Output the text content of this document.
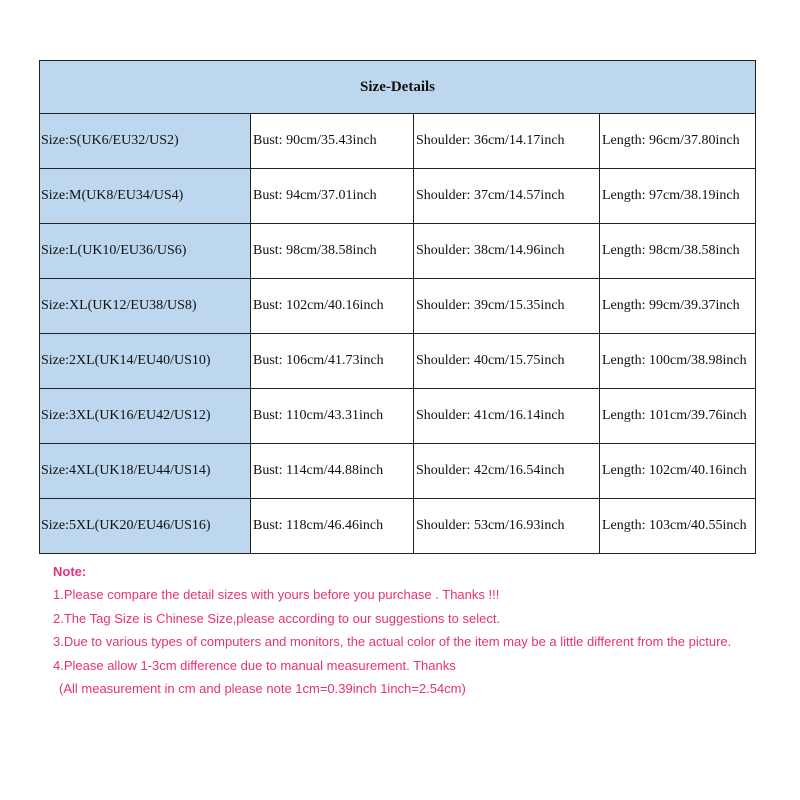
Size-Details			
Size:S(UK6/EU32/US2)	Bust: 90cm/35.43inch	Shoulder: 36cm/14.17inch	Length: 96cm/37.80inch
Size:M(UK8/EU34/US4)	Bust: 94cm/37.01inch	Shoulder: 37cm/14.57inch	Length: 97cm/38.19inch
Size:L(UK10/EU36/US6)	Bust: 98cm/38.58inch	Shoulder: 38cm/14.96inch	Length: 98cm/38.58inch
Size:XL(UK12/EU38/US8)	Bust: 102cm/40.16inch	Shoulder: 39cm/15.35inch	Length: 99cm/39.37inch
Size:2XL(UK14/EU40/US10)	Bust: 106cm/41.73inch	Shoulder: 40cm/15.75inch	Length: 100cm/38.98inch
Size:3XL(UK16/EU42/US12)	Bust: 110cm/43.31inch	Shoulder: 41cm/16.14inch	Length: 101cm/39.76inch
Size:4XL(UK18/EU44/US14)	Bust: 114cm/44.88inch	Shoulder: 42cm/16.54inch	Length: 102cm/40.16inch
Size:5XL(UK20/EU46/US16)	Bust: 118cm/46.46inch	Shoulder: 53cm/16.93inch	Length: 103cm/40.55inch

Note:

1.Please compare the detail sizes with yours before you purchase . Thanks !!!

2.The Tag Size is Chinese Size,please according to our suggestions to select.

3.Due to various types of computers and monitors, the actual color of the item may be a little different from the picture.

4.Please allow 1-3cm difference due to manual measurement. Thanks

(All measurement in cm and please note 1cm=0.39inch 1inch=2.54cm)
